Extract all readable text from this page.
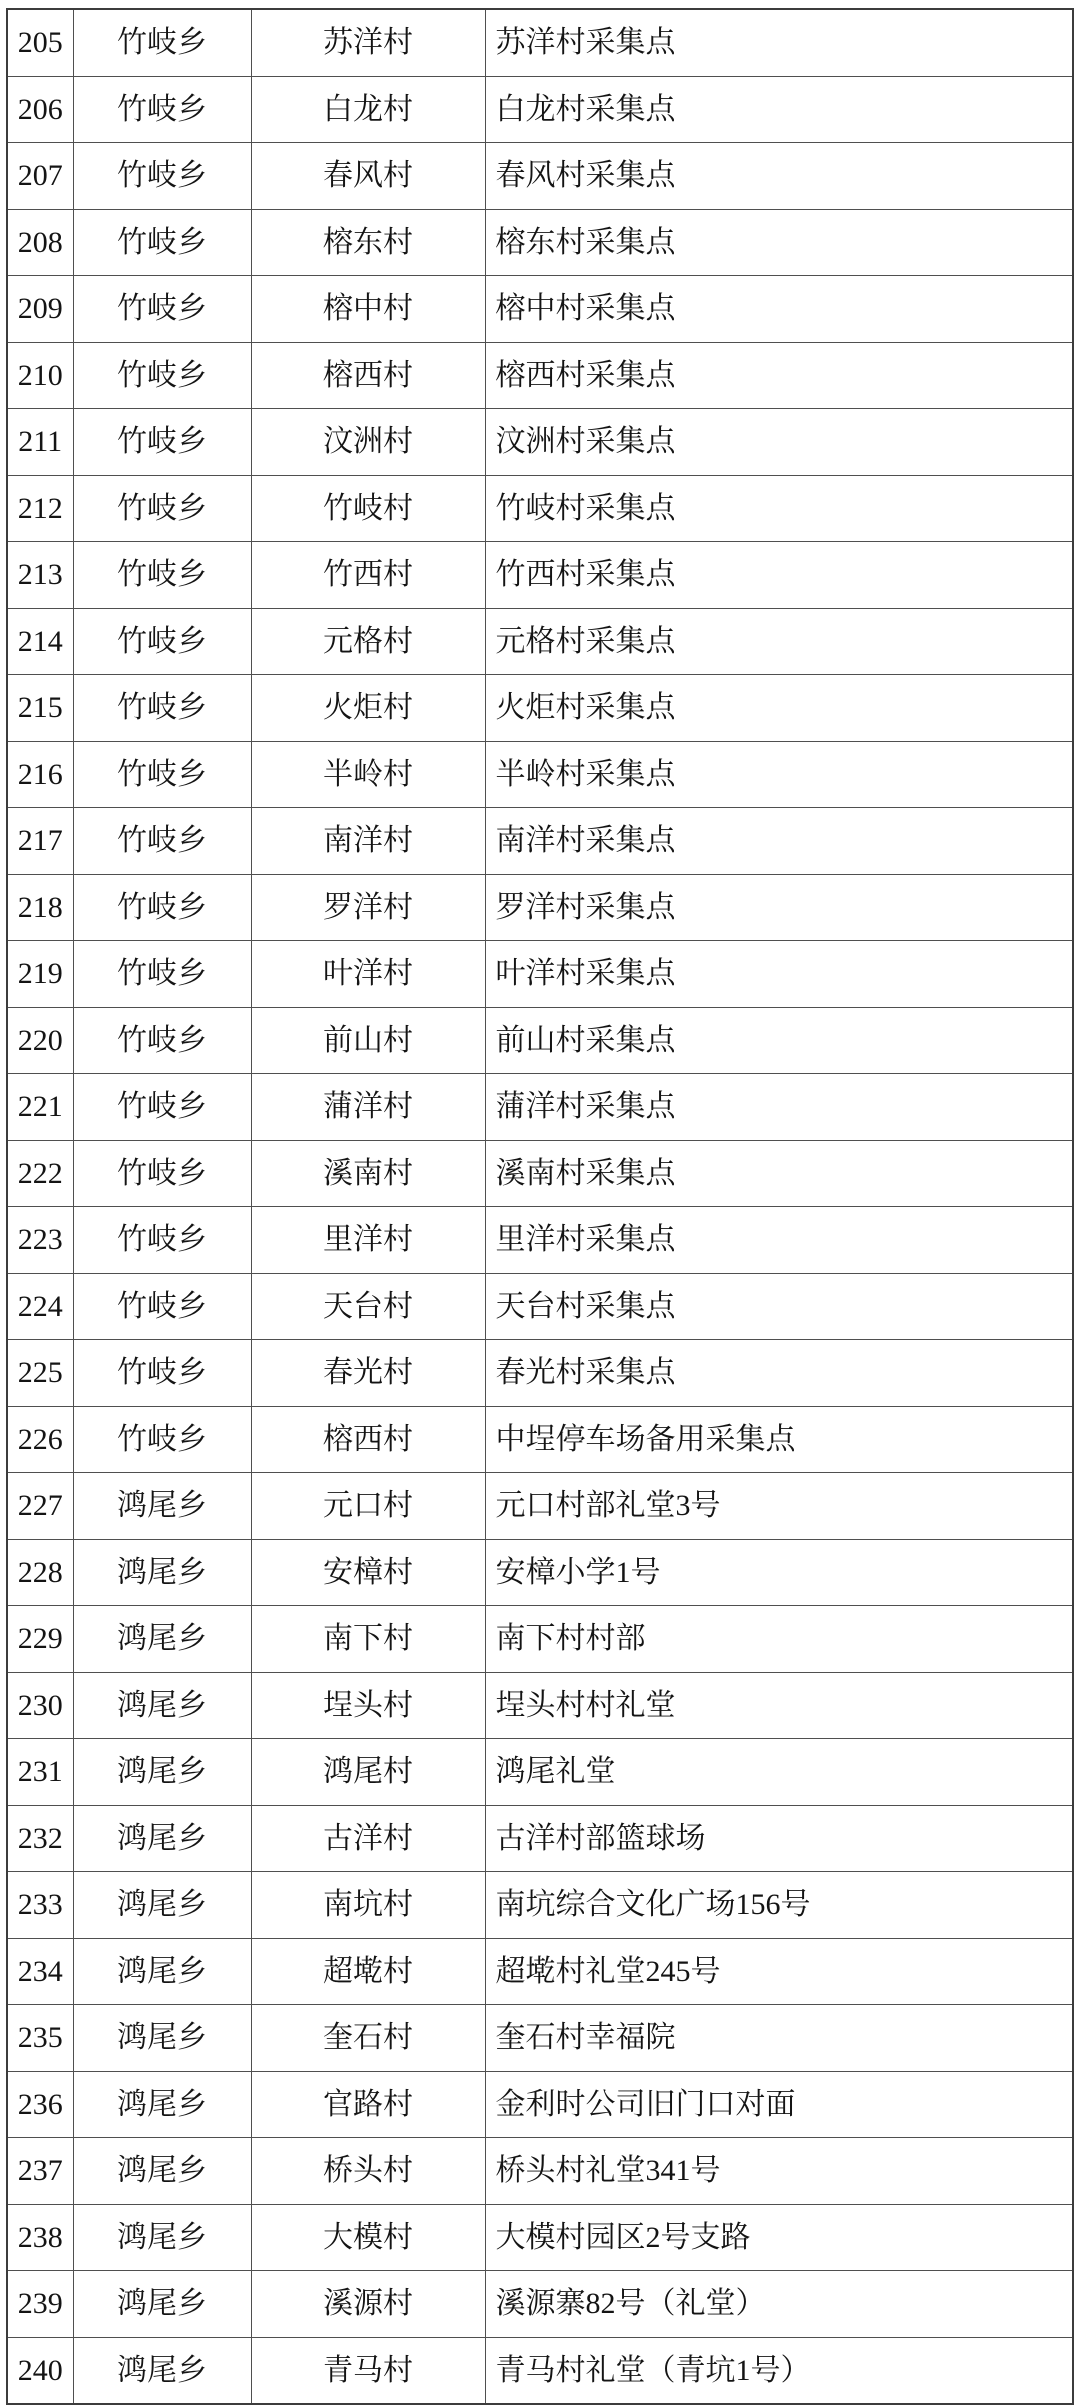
205	竹岐乡	苏洋村	苏洋村采集点
206	竹岐乡	白龙村	白龙村采集点
207	竹岐乡	春风村	春风村采集点
208	竹岐乡	榕东村	榕东村采集点
209	竹岐乡	榕中村	榕中村采集点
210	竹岐乡	榕西村	榕西村采集点
211	竹岐乡	汶洲村	汶洲村采集点
212	竹岐乡	竹岐村	竹岐村采集点
213	竹岐乡	竹西村	竹西村采集点
214	竹岐乡	元格村	元格村采集点
215	竹岐乡	火炬村	火炬村采集点
216	竹岐乡	半岭村	半岭村采集点
217	竹岐乡	南洋村	南洋村采集点
218	竹岐乡	罗洋村	罗洋村采集点
219	竹岐乡	叶洋村	叶洋村采集点
220	竹岐乡	前山村	前山村采集点
221	竹岐乡	蒲洋村	蒲洋村采集点
222	竹岐乡	溪南村	溪南村采集点
223	竹岐乡	里洋村	里洋村采集点
224	竹岐乡	天台村	天台村采集点
225	竹岐乡	春光村	春光村采集点
226	竹岐乡	榕西村	中埕停车场备用采集点
227	鸿尾乡	元口村	元口村部礼堂3号
228	鸿尾乡	安樟村	安樟小学1号
229	鸿尾乡	南下村	南下村村部
230	鸿尾乡	埕头村	埕头村村礼堂
231	鸿尾乡	鸿尾村	鸿尾礼堂
232	鸿尾乡	古洋村	古洋村部篮球场
233	鸿尾乡	南坑村	南坑综合文化广场156号
234	鸿尾乡	超墘村	超墘村礼堂245号
235	鸿尾乡	奎石村	奎石村幸福院
236	鸿尾乡	官路村	金利时公司旧门口对面
237	鸿尾乡	桥头村	桥头村礼堂341号
238	鸿尾乡	大模村	大模村园区2号支路
239	鸿尾乡	溪源村	溪源寨82号（礼堂）
240	鸿尾乡	青马村	青马村礼堂（青坑1号）
